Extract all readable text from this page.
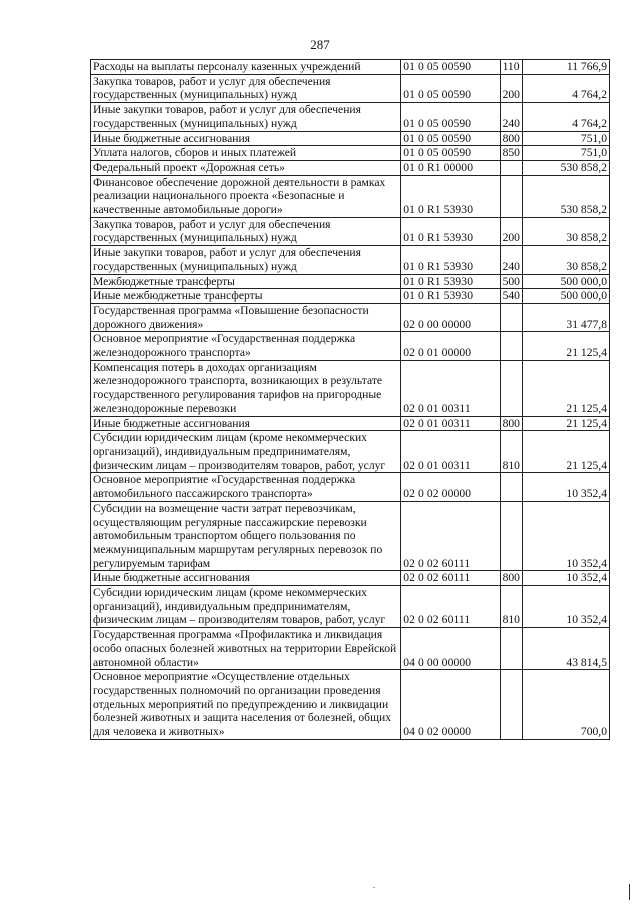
287
Расходы на выплаты персоналу казенных учреждений	01 0 05 00590	110	11 766,9
Закупка товаров, работ и услуг для обеспечения государственных (муниципальных) нужд	01 0 05 00590	200	4 764,2
Иные закупки товаров, работ и услуг для обеспечения государственных (муниципальных) нужд	01 0 05 00590	240	4 764,2
Иные бюджетные ассигнования	01 0 05 00590	800	751,0
Уплата налогов, сборов и иных платежей	01 0 05 00590	850	751,0
Федеральный проект «Дорожная сеть»	01 0 R1 00000		530 858,2
Финансовое обеспечение дорожной деятельности в рамках реализации национального проекта «Безопасные и качественные автомобильные дороги»	01 0 R1 53930		530 858,2
Закупка товаров, работ и услуг для обеспечения государственных (муниципальных) нужд	01 0 R1 53930	200	30 858,2
Иные закупки товаров, работ и услуг для обеспечения государственных (муниципальных) нужд	01 0 R1 53930	240	30 858,2
Межбюджетные трансферты	01 0 R1 53930	500	500 000,0
Иные межбюджетные трансферты	01 0 R1 53930	540	500 000,0
Государственная программа «Повышение безопасности дорожного движения»	02 0 00 00000		31 477,8
Основное мероприятие «Государственная поддержка железнодорожного транспорта»	02 0 01 00000		21 125,4
Компенсация потерь в доходах организациям железнодорожного транспорта, возникающих в результате государственного регулирования тарифов на пригородные железнодорожные перевозки	02 0 01 00311		21 125,4
Иные бюджетные ассигнования	02 0 01 00311	800	21 125,4
Субсидии юридическим лицам (кроме некоммерческих организаций), индивидуальным предпринимателям, физическим лицам – производителям товаров, работ, услуг	02 0 01 00311	810	21 125,4
Основное мероприятие «Государственная поддержка автомобильного пассажирского транспорта»	02 0 02 00000		10 352,4
Субсидии на возмещение части затрат перевозчикам, осуществляющим регулярные пассажирские перевозки автомобильным транспортом общего пользования по межмуниципальным маршрутам регулярных перевозок по регулируемым тарифам	02 0 02 60111		10 352,4
Иные бюджетные ассигнования	02 0 02 60111	800	10 352,4
Субсидии юридическим лицам (кроме некоммерческих организаций), индивидуальным предпринимателям, физическим лицам – производителям товаров, работ, услуг	02 0 02 60111	810	10 352,4
Государственная программа «Профилактика и ликвидация особо опасных болезней животных на территории Еврейской автономной области»	04 0 00 00000		43 814,5
Основное мероприятие «Осуществление отдельных государственных полномочий по организации проведения отдельных мероприятий по предупреждению и ликвидации болезней животных и защита населения от болезней, общих для человека и животных»	04 0 02 00000		700,0
.
